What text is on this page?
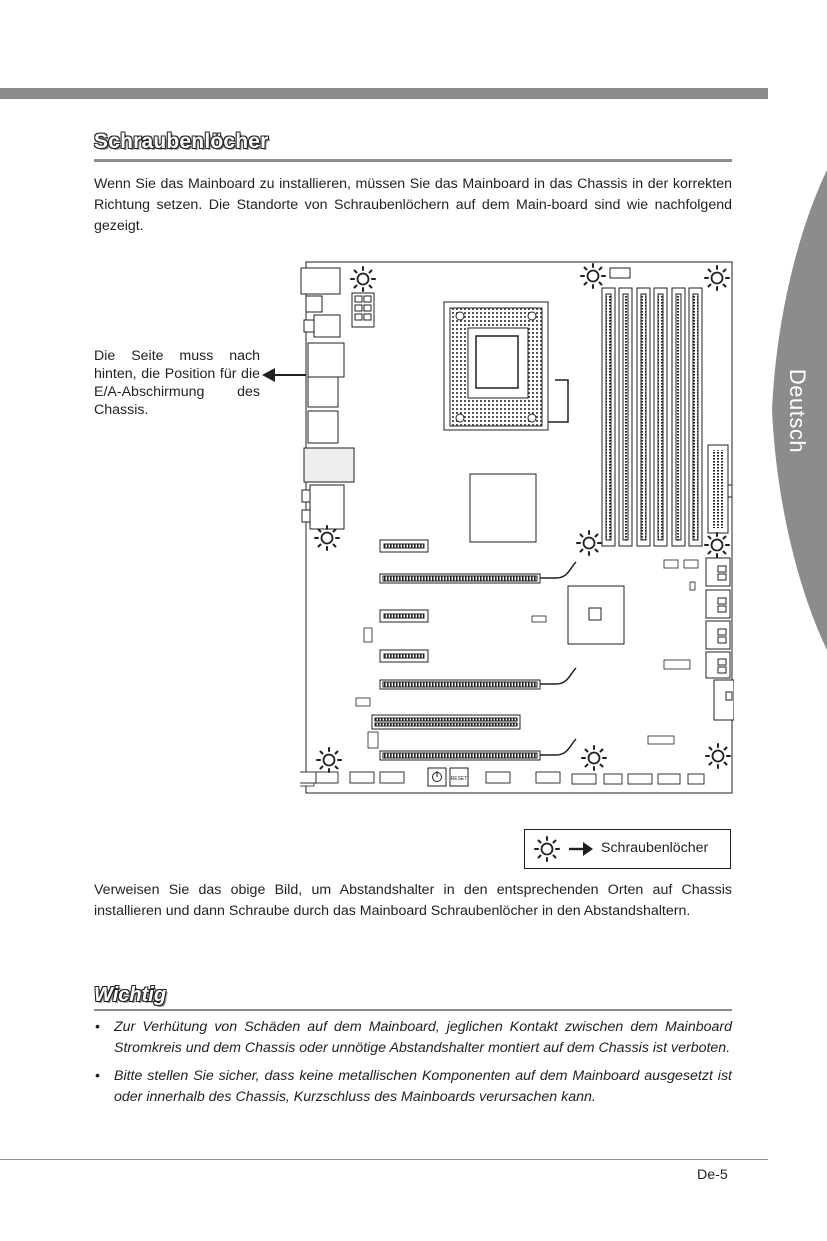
Deutsch
Schraubenlöcher
Wenn Sie das Mainboard zu installieren, müssen Sie das Mainboard in das Chassis in der korrekten Richtung setzen. Die Standorte von Schraubenlöchern auf dem Main-board sind wie nachfolgend gezeigt.
Die Seite muss nach hinten, die Position für die E/A-Abschirmung des Chassis.
RESET
Schraubenlöcher
Verweisen Sie das obige Bild, um Abstandshalter in den entsprechenden Orten auf Chassis installieren und dann Schraube durch das Mainboard Schraubenlöcher in den Abstandshaltern.
Wichtig
• Zur Verhütung von Schäden auf dem Mainboard, jeglichen Kontakt zwischen dem Mainboard Stromkreis und dem Chassis oder unnötige Abstandshalter montiert auf dem Chassis ist verboten.
• Bitte stellen Sie sicher, dass keine metallischen Komponenten auf dem Mainboard ausgesetzt ist oder innerhalb des Chassis, Kurzschluss des Mainboards verursachen kann.
De-5
